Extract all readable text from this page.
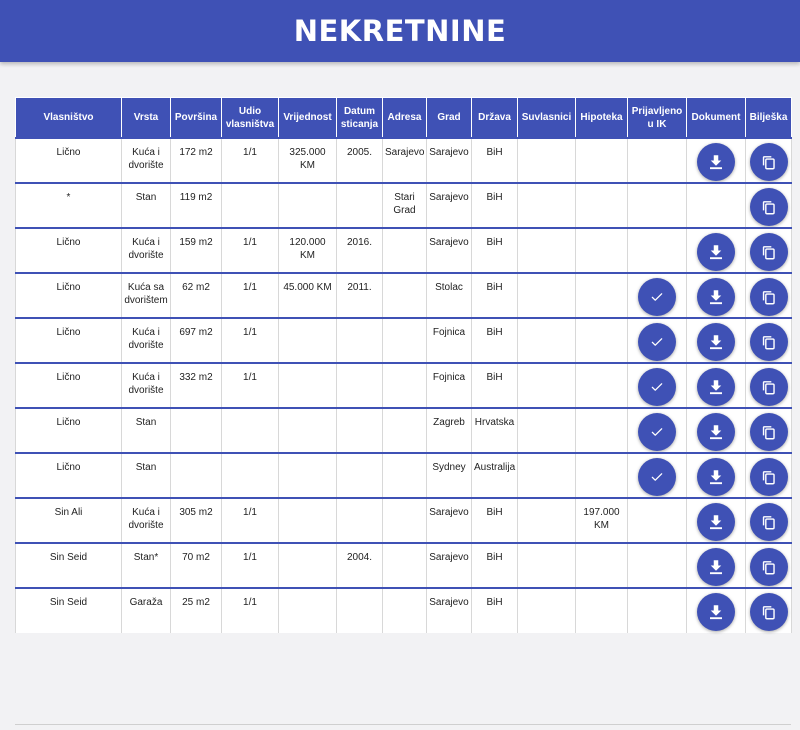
NEKRETNINE
Vlasništvo	Vrsta	Površina	Udio vlasništva	Vrijednost	Datum sticanja	Adresa	Grad	Država	Suvlasnici	Hipoteka	Prijavljeno u IK	Dokument	Bilješka
Lično	Kuća i dvorište	172 m2	1/1	325.000 KM	2005.	Sarajevo	Sarajevo	BiH				

*	Stan	119 m2				Stari Grad	Sarajevo	BiH					

Lično	Kuća i dvorište	159 m2	1/1	120.000 KM	2016.		Sarajevo	BiH				

Lično	Kuća sa dvorištem	62 m2	1/1	45.000 KM	2011.		Stolac	BiH			

Lično	Kuća i dvorište	697 m2	1/1				Fojnica	BiH			

Lično	Kuća i dvorište	332 m2	1/1				Fojnica	BiH			

Lično	Stan						Zagreb	Hrvatska			

Lično	Stan						Sydney	Australija			

Sin Ali	Kuća i dvorište	305 m2	1/1				Sarajevo	BiH		197.000 KM		

Sin Seid	Stan*	70 m2	1/1		2004.		Sarajevo	BiH				

Sin Seid	Garaža	25 m2	1/1				Sarajevo	BiH				
